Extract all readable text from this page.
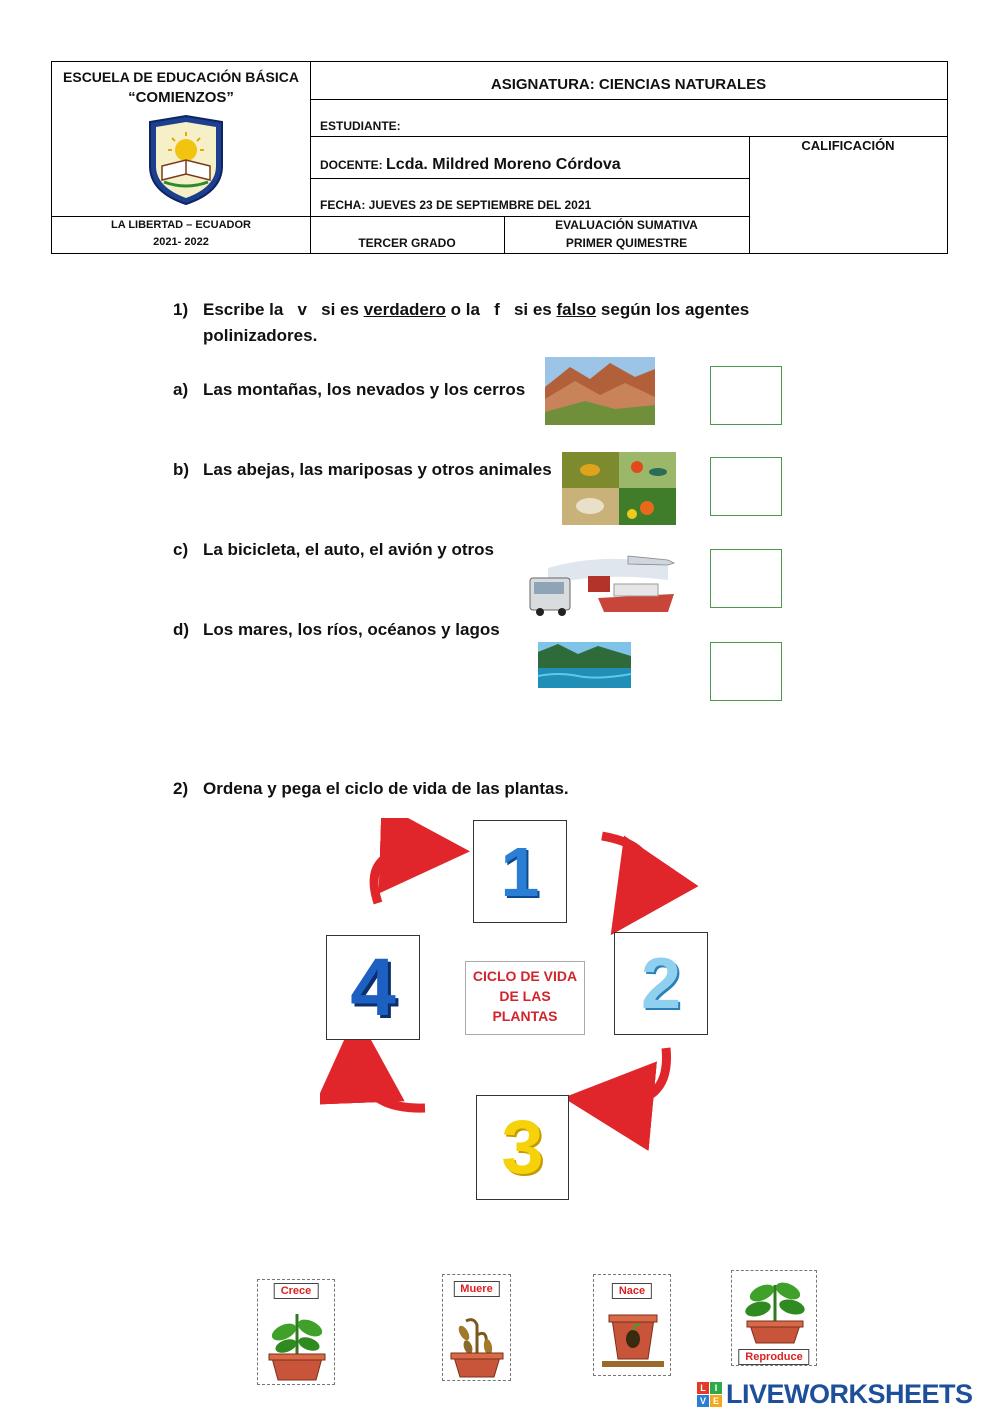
ESCUELA DE EDUCACIÓN BÁSICA
“COMIENZOS”
ASIGNATURA: CIENCIAS NATURALES
ESTUDIANTE:
DOCENTE: Lcda. Mildred Moreno Córdova
FECHA: JUEVES 23 DE SEPTIEMBRE DEL 2021
CALIFICACIÓN
LA LIBERTAD – ECUADOR
2021- 2022	TERCER GRADO
EVALUACIÓN SUMATIVA
PRIMER QUIMESTRE
1) Escribe la v si es verdadero o la f si es falso según los agentes
polinizadores.
a) Las montañas, los nevados y los cerros
b) Las abejas, las mariposas y otros animales
c) La bicicleta, el auto, el avión y otros
d) Los mares, los ríos, océanos y lagos
2) Ordena y pega el ciclo de vida de las plantas.
1
2
3
4	CICLO DE VIDA
DE LAS
PLANTAS
Crece	Muere	Nace
Reproduce
L I
V E LIVEWORKSHEETS
